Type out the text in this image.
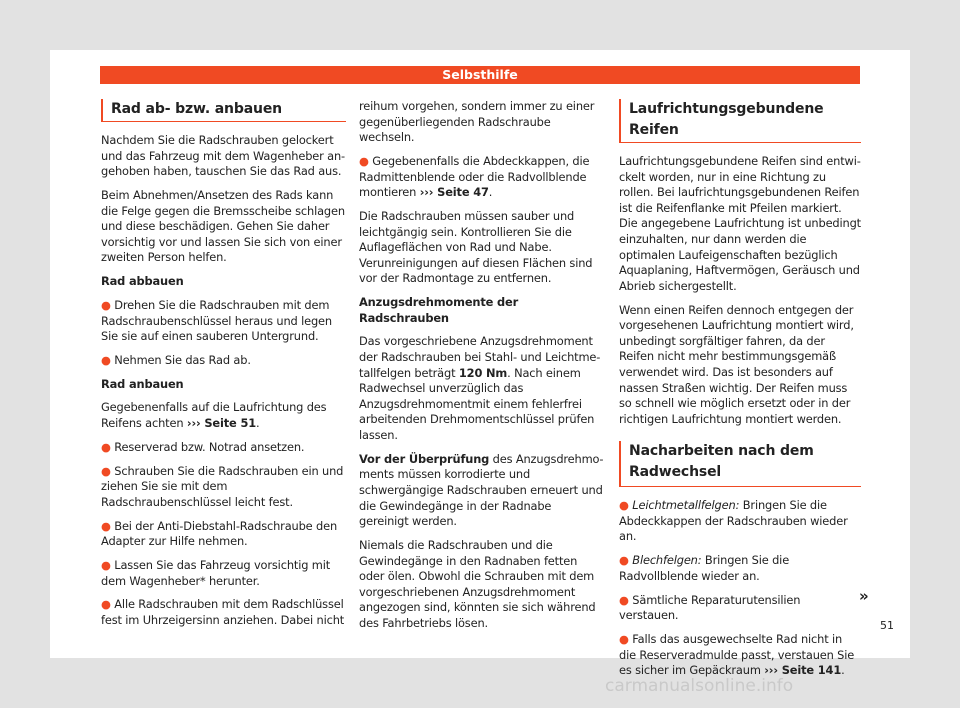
Selbsthilfe
Rad ab- bzw. anbauen

Nachdem Sie die Radschrauben gelockert und das Fahrzeug mit dem Wagenheber angehoben haben, tauschen Sie das Rad aus.

Beim Abnehmen/Ansetzen des Rads kann die Felge gegen die Bremsscheibe schlagen und diese beschädigen. Gehen Sie daher vorsichtig vor und lassen Sie sich von einer zweiten Person helfen.

Rad abbauen

● Drehen Sie die Radschrauben mit dem Radschraubenschlüssel heraus und legen Sie sie auf einen sauberen Untergrund.

● Nehmen Sie das Rad ab.

Rad anbauen

Gegebenenfalls auf die Laufrichtung des Reifens achten ››› Seite 51.

● Reserverad bzw. Notrad ansetzen.

● Schrauben Sie die Radschrauben ein und ziehen Sie sie mit dem Radschraubenschlüssel leicht fest.

● Bei der Anti-Diebstahl-Radschraube den Adapter zur Hilfe nehmen.

● Lassen Sie das Fahrzeug vorsichtig mit dem Wagenheber* herunter.

● Alle Radschrauben mit dem Radschlüssel fest im Uhrzeigersinn anziehen. Dabei nicht

reihum vorgehen, sondern immer zu einer gegenüberliegenden Radschraube wechseln.

● Gegebenenfalls die Abdeckkappen, die Radmittenblende oder die Radvollblende montieren ››› Seite 47.

Die Radschrauben müssen sauber und leichtgängig sein. Kontrollieren Sie die Auflageflächen von Rad und Nabe. Verunreinigungen auf diesen Flächen sind vor der Radmontage zu entfernen.

Anzugsdrehmomente der Radschrauben

Das vorgeschriebene Anzugsdrehmoment der Radschrauben bei Stahl- und Leichtmetallfelgen beträgt 120 Nm. Nach einem Radwechsel unverzüglich das Anzugsdrehmomentmit einem fehlerfrei arbeitenden Drehmomentschlüssel prüfen lassen.

Vor der Überprüfung des Anzugsdrehmoments müssen korrodierte und schwergängige Radschrauben erneuert und die Gewindegänge in der Radnabe gereinigt werden.

Niemals die Radschrauben und die Gewindegänge in den Radnaben fetten oder ölen. Obwohl die Schrauben mit dem vorgeschriebenen Anzugsdrehmoment angezogen sind, könnten sie sich während des Fahrbetriebs lösen.

Laufrichtungsgebundene Reifen

Laufrichtungsgebundene Reifen sind entwickelt worden, nur in eine Richtung zu rollen. Bei laufrichtungsgebundenen Reifen ist die Reifenflanke mit Pfeilen markiert. Die angegebene Laufrichtung ist unbedingt einzuhalten, nur dann werden die optimalen Laufeigenschaften bezüglich Aquaplaning, Haftvermögen, Geräusch und Abrieb sichergestellt.

Wenn einen Reifen dennoch entgegen der vorgesehenen Laufrichtung montiert wird, unbedingt sorgfältiger fahren, da der Reifen nicht mehr bestimmungsgemäß verwendet wird. Das ist besonders auf nassen Straßen wichtig. Der Reifen muss so schnell wie möglich ersetzt oder in der richtigen Laufrichtung montiert werden.

Nacharbeiten nach dem Radwechsel

● Leichtmetallfelgen: Bringen Sie die Abdeckkappen der Radschrauben wieder an.

● Blechfelgen: Bringen Sie die Radvollblende wieder an.

● Sämtliche Reparaturutensilien verstauen.

● Falls das ausgewechselte Rad nicht in die Reserveradmulde passt, verstauen Sie es sicher im Gepäckraum ››› Seite 141.

»
51
carmanualsonline.info
